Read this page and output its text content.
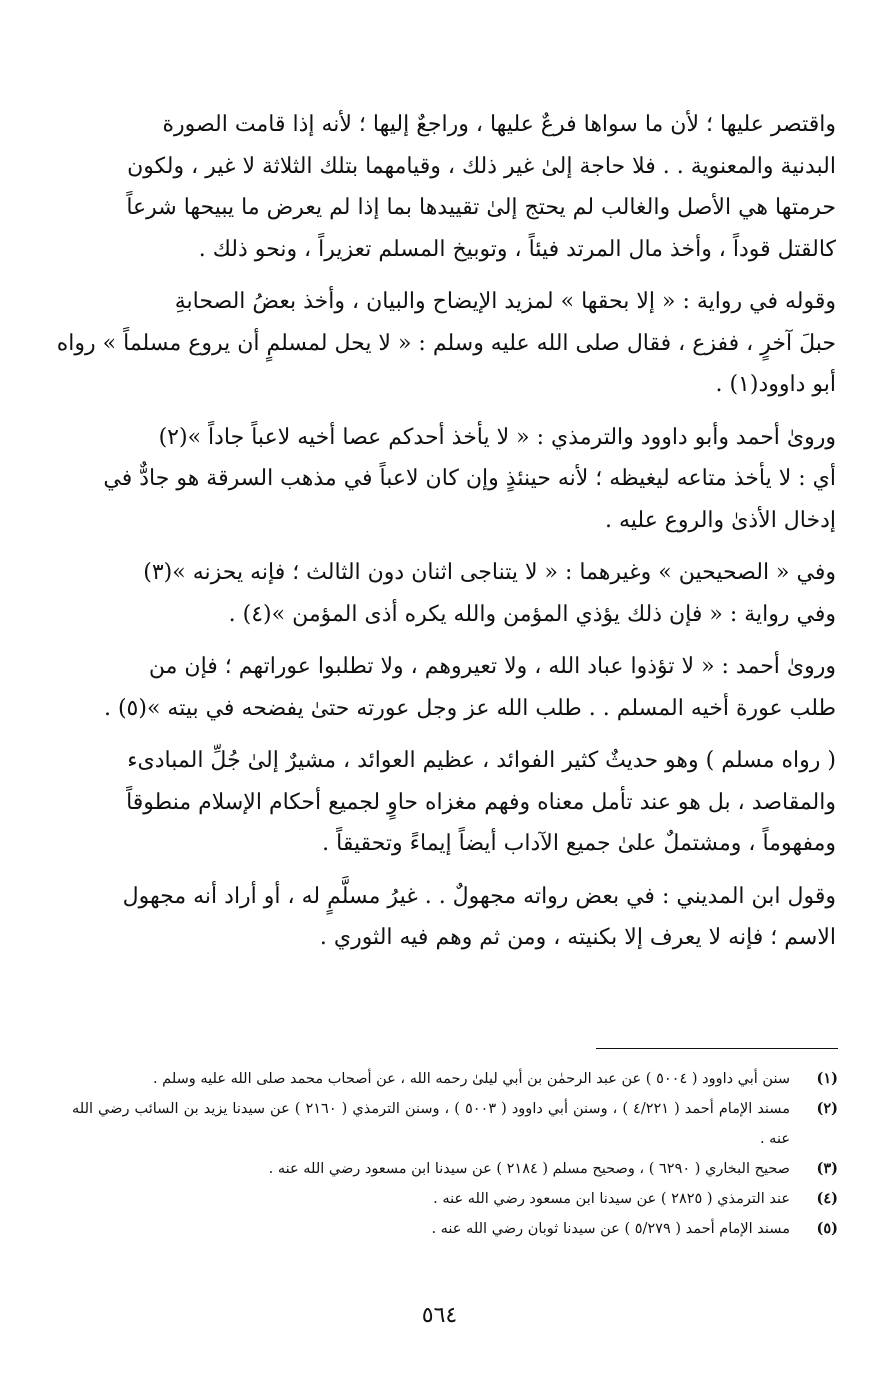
واقتصر عليها ؛ لأن ما سواها فرعٌ عليها ، وراجعٌ إليها ؛ لأنه إذا قامت الصورة
البدنية والمعنوية . . فلا حاجة إلىٰ غير ذلك ، وقيامهما بتلك الثلاثة لا غير ، ولكون
حرمتها هي الأصل والغالب لم يحتج إلىٰ تقييدها بما إذا لم يعرض ما يبيحها شرعاً
كالقتل قوداً ، وأخذ مال المرتد فيئاً ، وتوبيخ المسلم تعزيراً ، ونحو ذلك .

وقوله في رواية : « إلا بحقها » لمزيد الإيضاح والبيان ، وأخذ بعضُ الصحابةِ
حبلَ آخرٍ ، ففزع ، فقال صلى الله عليه وسلم : « لا يحل لمسلمٍ أن يروع مسلماً » رواه
أبو داوود(١) .

وروىٰ أحمد وأبو داوود والترمذي : « لا يأخذ أحدكم عصا أخيه لاعباً جاداً »(٢)
أي : لا يأخذ متاعه ليغيظه ؛ لأنه حينئذٍ وإن كان لاعباً في مذهب السرقة هو جادٌّ في
إدخال الأذىٰ والروع عليه .

وفي « الصحيحين » وغيرهما : « لا يتناجى اثنان دون الثالث ؛ فإنه يحزنه »(٣)
وفي رواية : « فإن ذلك يؤذي المؤمن والله يكره أذى المؤمن »(٤) .

وروىٰ أحمد : « لا تؤذوا عباد الله ، ولا تعيروهم ، ولا تطلبوا عوراتهم ؛ فإن من
طلب عورة أخيه المسلم . . طلب الله عز وجل عورته حتىٰ يفضحه في بيته »(٥) .

( رواه مسلم ) وهو حديثٌ كثير الفوائد ، عظيم العوائد ، مشيرٌ إلىٰ جُلِّ المبادىء
والمقاصد ، بل هو عند تأمل معناه وفهم مغزاه حاوٍ لجميع أحكام الإسلام منطوقاً
ومفهوماً ، ومشتملٌ علىٰ جميع الآداب أيضاً إيماءً وتحقيقاً .

وقول ابن المديني : في بعض رواته مجهولٌ . . غيرُ مسلَّمٍ له ، أو أراد أنه مجهول
الاسم ؛ فإنه لا يعرف إلا بكنيته ، ومن ثم وهم فيه الثوري .

(١)
سنن أبي داوود ( ٥٠٠٤ ) عن عبد الرحمٰن بن أبي ليلىٰ رحمه الله ، عن أصحاب محمد صلى الله عليه وسلم .
(٢)
مسند الإمام أحمد ( ٤/٢٢١ ) ، وسنن أبي داوود ( ٥٠٠٣ ) ، وسنن الترمذي ( ٢١٦٠ ) عن سيدنا يزيد بن السائب رضي الله عنه .
(٣)
صحيح البخاري ( ٦٢٩٠ ) ، وصحيح مسلم ( ٢١٨٤ ) عن سيدنا ابن مسعود رضي الله عنه .
(٤)
عند الترمذي ( ٢٨٢٥ ) عن سيدنا ابن مسعود رضي الله عنه .
(٥)
مسند الإمام أحمد ( ٥/٢٧٩ ) عن سيدنا ثوبان رضي الله عنه .
٥٦٤
